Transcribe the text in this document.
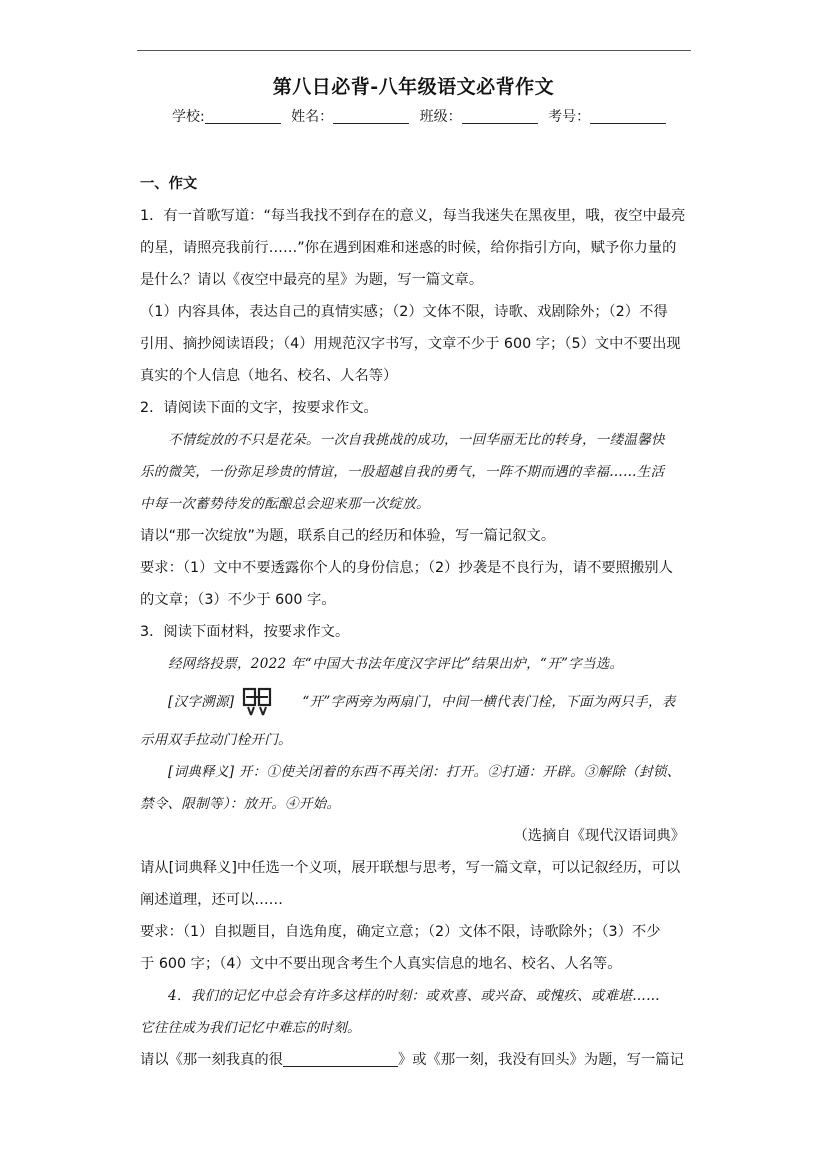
第八日必背-八年级语文必背作文
学校:	姓名：	班级：	考号：

一、作文

1．有一首歌写道：“每当我找不到存在的意义，每当我迷失在黑夜里，哦，夜空中最亮

的星，请照亮我前行……”你在遇到困难和迷惑的时候，给你指引方向，赋予你力量的

是什么？请以《夜空中最亮的星》为题，写一篇文章。

（1）内容具体，表达自己的真情实感；（2）文体不限，诗歌、戏剧除外；（2）不得

引用、摘抄阅读语段；（4）用规范汉字书写，文章不少于 600 字；（5）文中不要出现

真实的个人信息（地名、校名、人名等）

2．请阅读下面的文字，按要求作文。

不情绽放的不只是花朵。一次自我挑战的成功，一回华丽无比的转身，一缕温馨快

乐的微笑，一份弥足珍贵的情谊，一股超越自我的勇气，一阵不期而遇的幸福……生活

中每一次蓄势待发的酝酿总会迎来那一次绽放。

请以“那一次绽放”为题，联系自己的经历和体验，写一篇记叙文。

要求：（1）文中不要透露你个人的身份信息；（2）抄袭是不良行为，请不要照搬别人

的文章；（3）不少于 600 字。

3．阅读下面材料，按要求作文。

经网络投票，2022 年“中国大书法年度汉字评比”结果出炉，“开”字当选。

[汉字溯源]	“开”字两旁为两扇门，中间一横代表门栓，下面为两只手，表

示用双手拉动门栓开门。

[词典释义] 开：①使关闭着的东西不再关闭：打开。②打通：开辟。③解除（封锁、

禁令、限制等）：放开。④开始。

（选摘自《现代汉语词典》

请从[词典释义]中任选一个义项，展开联想与思考，写一篇文章，可以记叙经历，可以

阐述道理，还可以……

要求：（1）自拟题目，自选角度，确定立意；（2）文体不限，诗歌除外；（3）不少

于 600 字；（4）文中不要出现含考生个人真实信息的地名、校名、人名等。

4．我们的记忆中总会有许多这样的时刻：或欢喜、或兴奋、或愧疚、或难堪……

它往往成为我们记忆中难忘的时刻。

请以《那一刻我真的很	》或《那一刻，我没有回头》为题，写一篇记
